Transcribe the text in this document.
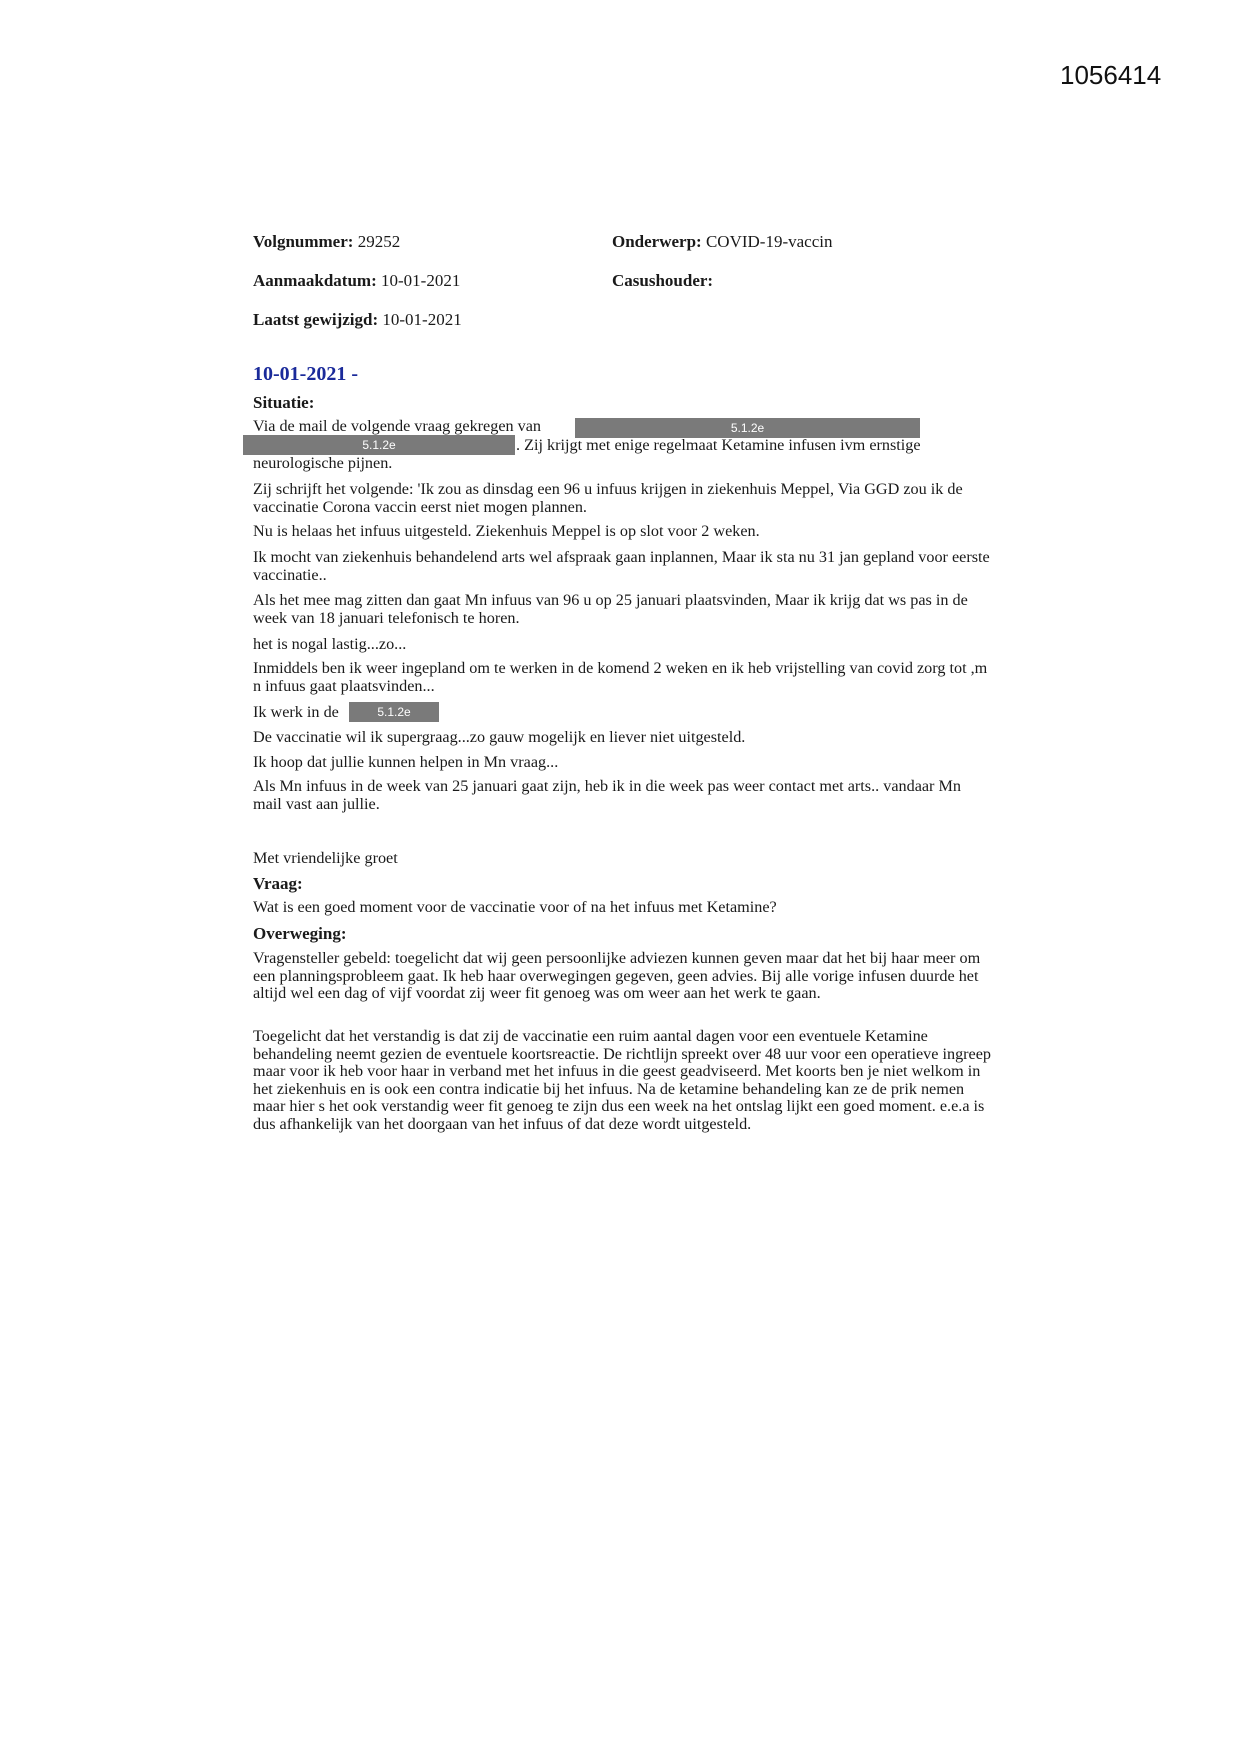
1056414
Volgnummer: 29252	Onderwerp: COVID-19-vaccin
Aanmaakdatum: 10-01-2021	Casushouder:
Laatst gewijzigd: 10-01-2021
10-01-2021 -
Situatie:
Via de mail de volgende vraag gekregen van	5.1.2e
5.1.2e	. Zij krijgt met enige regelmaat Ketamine infusen ivm ernstige
neurologische pijnen.
Zij schrijft het volgende: 'Ik zou as dinsdag een 96 u infuus krijgen in ziekenhuis Meppel, Via GGD zou ik de vaccinatie Corona vaccin eerst niet mogen plannen.
Nu is helaas het infuus uitgesteld. Ziekenhuis Meppel is op slot voor 2 weken.
Ik mocht van ziekenhuis behandelend arts wel afspraak gaan inplannen, Maar ik sta nu 31 jan gepland voor eerste vaccinatie..
Als het mee mag zitten dan gaat Mn infuus van 96 u op 25 januari plaatsvinden, Maar ik krijg dat ws pas in de week van 18 januari telefonisch te horen.
het is nogal lastig...zo...
Inmiddels ben ik weer ingepland om te werken in de komend 2 weken en ik heb vrijstelling van covid zorg tot ,m n infuus gaat plaatsvinden...
Ik werk in de	5.1.2e
De vaccinatie wil ik supergraag...zo gauw mogelijk en liever niet uitgesteld.
Ik hoop dat jullie kunnen helpen in Mn vraag...
Als Mn infuus in de week van 25 januari gaat zijn, heb ik in die week pas weer contact met arts.. vandaar Mn mail vast aan jullie.
Met vriendelijke groet
Vraag:
Wat is een goed moment voor de vaccinatie voor of na het infuus met Ketamine?
Overweging:
Vragensteller gebeld: toegelicht dat wij geen persoonlijke adviezen kunnen geven maar dat het bij haar meer om een planningsprobleem gaat. Ik heb haar overwegingen gegeven, geen advies. Bij alle vorige infusen duurde het altijd wel een dag of vijf voordat zij weer fit genoeg was om weer aan het werk te gaan.
Toegelicht dat het verstandig is dat zij de vaccinatie een ruim aantal dagen voor een eventuele Ketamine behandeling neemt gezien de eventuele koortsreactie. De richtlijn spreekt over 48 uur voor een operatieve ingreep maar voor ik heb voor haar in verband met het infuus in die geest geadviseerd. Met koorts ben je niet welkom in het ziekenhuis en is ook een contra indicatie bij het infuus. Na de ketamine behandeling kan ze de prik nemen maar hier s het ook verstandig weer fit genoeg te zijn dus een week na het ontslag lijkt een goed moment. e.e.a is dus afhankelijk van het doorgaan van het infuus of dat deze wordt uitgesteld.
